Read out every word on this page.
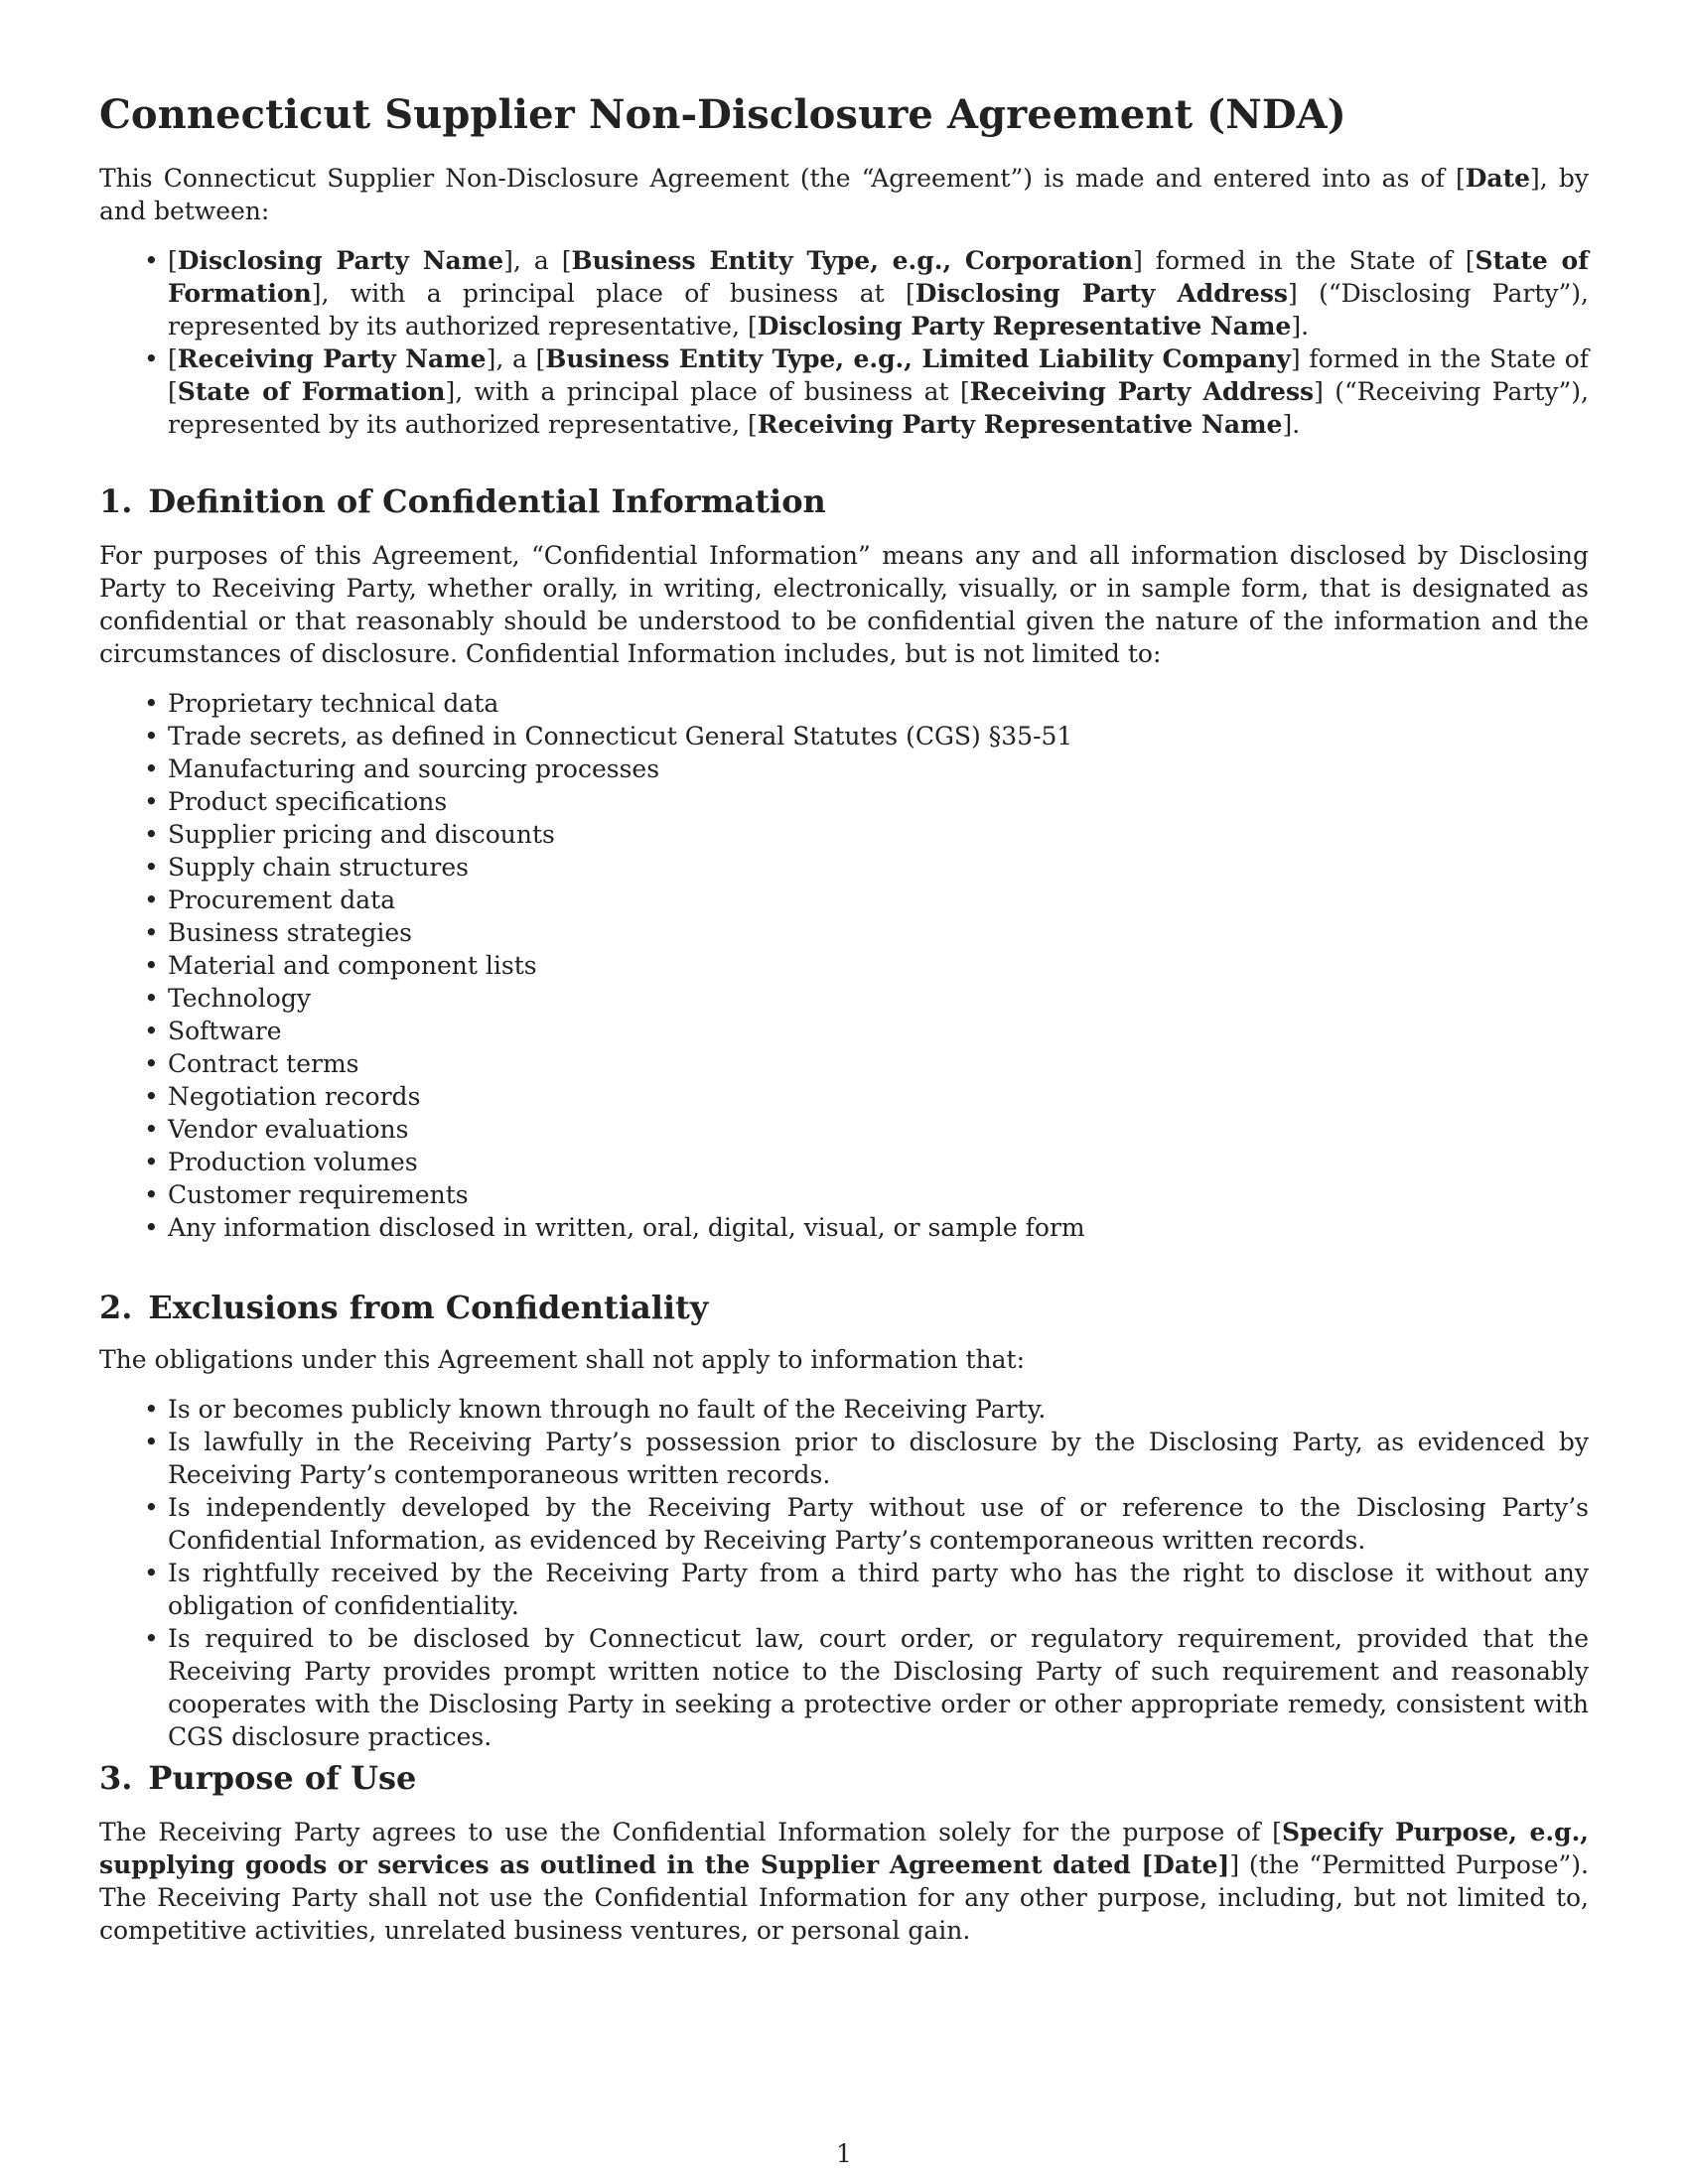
Connecticut Supplier Non-Disclosure Agreement (NDA)

This Connecticut Supplier Non-Disclosure Agreement (the “Agreement”) is made and entered into as of [Date], by and between:

• [Disclosing Party Name], a [Business Entity Type, e.g., Corporation] formed in the State of [State of Formation], with a principal place of business at [Disclosing Party Address] (“Disclosing Party”), represented by its authorized representative, [Disclosing Party Representative Name].
• [Receiving Party Name], a [Business Entity Type, e.g., Limited Liability Company] formed in the State of [State of Formation], with a principal place of business at [Receiving Party Address] (“Receiving Party”), represented by its authorized representative, [Receiving Party Representative Name].
1. Definition of Confidential Information

For purposes of this Agreement, “Confidential Information” means any and all information disclosed by Disclosing Party to Receiving Party, whether orally, in writing, electronically, visually, or in sample form, that is designated as confidential or that reasonably should be understood to be confidential given the nature of the information and the circumstances of disclosure. Confidential Information includes, but is not limited to:

• Proprietary technical data
• Trade secrets, as defined in Connecticut General Statutes (CGS) §35-51
• Manufacturing and sourcing processes
• Product specifications
• Supplier pricing and discounts
• Supply chain structures
• Procurement data
• Business strategies
• Material and component lists
• Technology
• Software
• Contract terms
• Negotiation records
• Vendor evaluations
• Production volumes
• Customer requirements
• Any information disclosed in written, oral, digital, visual, or sample form
2. Exclusions from Confidentiality

The obligations under this Agreement shall not apply to information that:

• Is or becomes publicly known through no fault of the Receiving Party.
• Is lawfully in the Receiving Party’s possession prior to disclosure by the Disclosing Party, as evidenced by Receiving Party’s contemporaneous written records.
• Is independently developed by the Receiving Party without use of or reference to the Disclosing Party’s Confidential Information, as evidenced by Receiving Party’s contemporaneous written records.
• Is rightfully received by the Receiving Party from a third party who has the right to disclose it without any obligation of confidentiality.
• Is required to be disclosed by Connecticut law, court order, or regulatory requirement, provided that the Receiving Party provides prompt written notice to the Disclosing Party of such requirement and reasonably cooperates with the Disclosing Party in seeking a protective order or other appropriate remedy, consistent with CGS disclosure practices.
3. Purpose of Use

The Receiving Party agrees to use the Confidential Information solely for the purpose of [Specify Purpose, e.g., supplying goods or services as outlined in the Supplier Agreement dated [Date]] (the “Permitted Purpose”). The Receiving Party shall not use the Confidential Information for any other purpose, including, but not limited to, competitive activities, unrelated business ventures, or personal gain.

1
